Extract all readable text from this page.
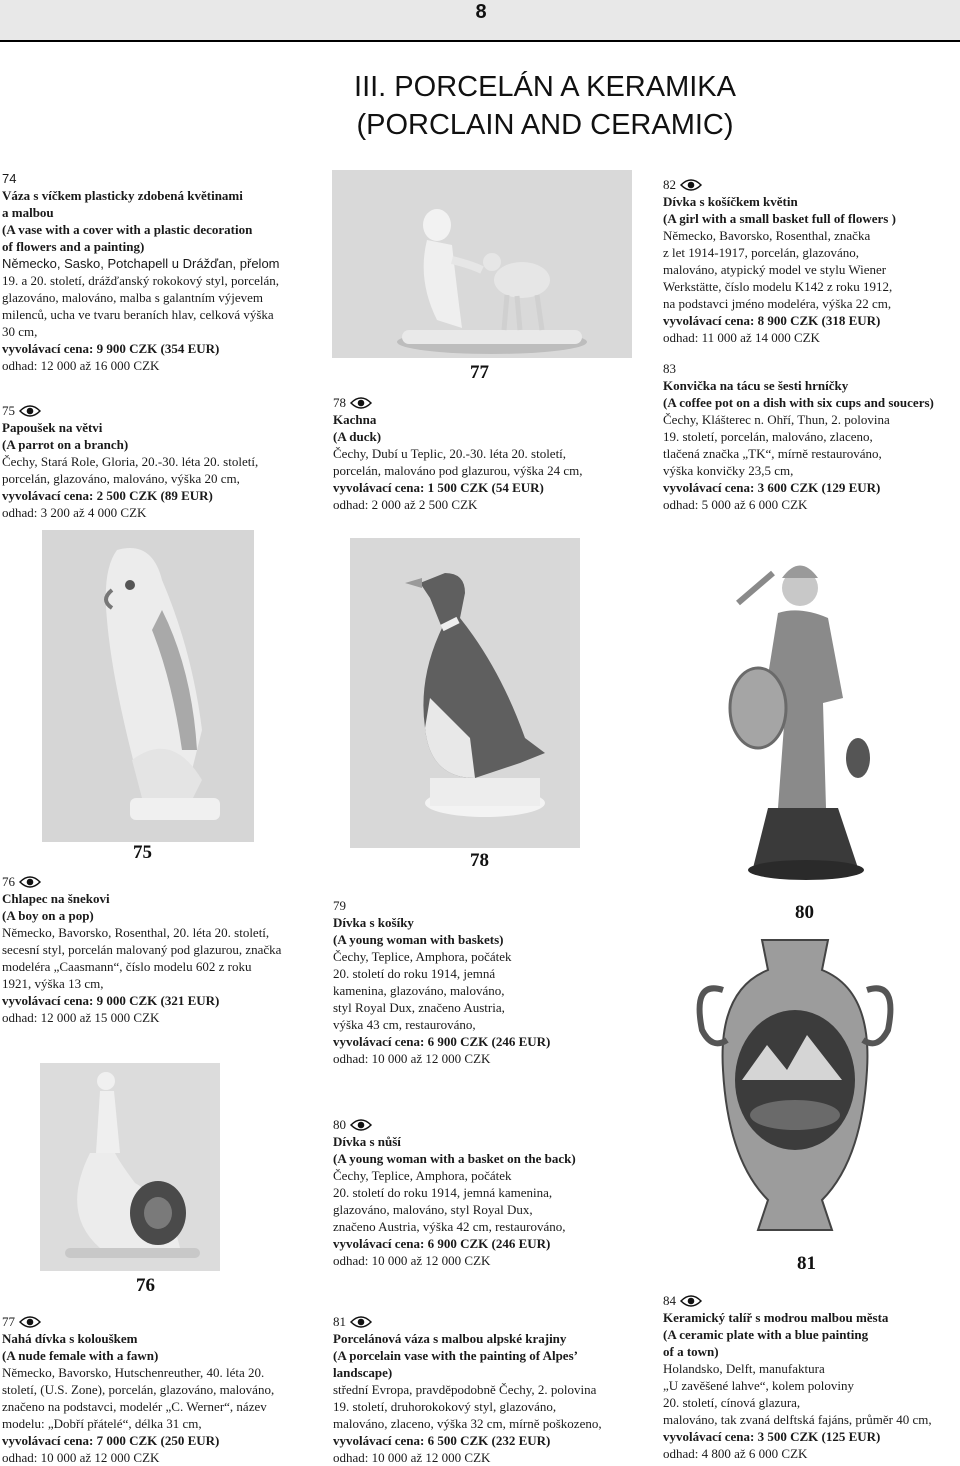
8
III. PORCELÁN A KERAMIKA
(PORCLAIN AND CERAMIC)
74
Váza s víčkem plasticky zdobená květinami
a malbou
(A vase with a cover with a plastic decoration
of flowers and a painting)
Německo, Sasko, Potchapell u Drážďan, přelom
19. a 20. století, drážďanský rokokový styl, porcelán,
glazováno, malováno, malba s galantním výjevem
milenců, ucha ve tvaru beraních hlav, celková výška
30 cm,
vyvolávací cena: 9 900 CZK (354 EUR)
odhad: 12 000 až 16 000 CZK
75
Papoušek na větvi
(A parrot on a branch)
Čechy, Stará Role, Gloria, 20.-30. léta 20. století,
porcelán, glazováno, malováno, výška 20 cm,
vyvolávací cena: 2 500 CZK (89 EUR)
odhad: 3 200 až 4 000 CZK
77
78
Kachna
(A duck)
Čechy, Dubí u Teplic, 20.-30. léta 20. století,
porcelán, malováno pod glazurou, výška 24 cm,
vyvolávací cena: 1 500 CZK (54 EUR)
odhad: 2 000 až 2 500 CZK
82
Dívka s košíčkem květin
(A girl with a small basket full of flowers )
Německo, Bavorsko, Rosenthal, značka
z let 1914-1917, porcelán, glazováno,
malováno, atypický model ve stylu Wiener
Werkstätte, číslo modelu K142 z roku 1912,
na podstavci jméno modeléra, výška 22 cm,
vyvolávací cena: 8 900 CZK (318 EUR)
odhad: 11 000 až 14 000 CZK
83
Konvička na tácu se šesti hrníčky
(A coffee pot on a dish with six cups and soucers)
Čechy, Klášterec n. Ohří, Thun, 2. polovina
19. století, porcelán, malováno, zlaceno,
tlačená značka „TK“, mírně restaurováno,
výška konvičky 23,5 cm,
vyvolávací cena: 3 600 CZK (129 EUR)
odhad: 5 000 až 6 000 CZK
75	78
80
76
Chlapec na šnekovi
(A boy on a pop)
Německo, Bavorsko, Rosenthal, 20. léta 20. století,
secesní styl, porcelán malovaný pod glazurou, značka
modeléra „Caasmann“, číslo modelu 602 z roku
1921, výška 13 cm,
vyvolávací cena: 9 000 CZK (321 EUR)
odhad: 12 000 až 15 000 CZK
79
Dívka s košíky
(A young woman with baskets)
Čechy, Teplice, Amphora, počátek
20. století do roku 1914, jemná
kamenina, glazováno, malováno,
styl Royal Dux, značeno Austria,
výška 43 cm, restaurováno,
vyvolávací cena: 6 900 CZK (246 EUR)
odhad: 10 000 až 12 000 CZK
81
76
80
Dívka s nůší
(A young woman with a basket on the back)
Čechy, Teplice, Amphora, počátek
20. století do roku 1914, jemná kamenina,
glazováno, malováno, styl Royal Dux,
značeno Austria, výška 42 cm, restaurováno,
vyvolávací cena: 6 900 CZK (246 EUR)
odhad: 10 000 až 12 000 CZK
77
Nahá dívka s kolouškem
(A nude female with a fawn)
Německo, Bavorsko, Hutschenreuther, 40. léta 20.
století, (U.S. Zone), porcelán, glazováno, malováno,
značeno na podstavci, modelér „C. Werner“, název
modelu: „Dobří přátelé“, délka 31 cm,
vyvolávací cena: 7 000 CZK (250 EUR)
odhad: 10 000 až 12 000 CZK
81
Porcelánová váza s malbou alpské krajiny
(A porcelain vase with the painting of Alpes’
landscape)
střední Evropa, pravděpodobně Čechy, 2. polovina
19. století, druhorokokový styl, glazováno,
malováno, zlaceno, výška 32 cm, mírně poškozeno,
vyvolávací cena: 6 500 CZK (232 EUR)
odhad: 10 000 až 12 000 CZK
84
Keramický talíř s modrou malbou města
(A ceramic plate with a blue painting
of a town)
Holandsko, Delft, manufaktura
„U zavěšené lahve“, kolem poloviny
20. století, cínová glazura,
malováno, tak zvaná delftská fajáns, průměr 40 cm,
vyvolávací cena: 3 500 CZK (125 EUR)
odhad: 4 800 až 6 000 CZK
